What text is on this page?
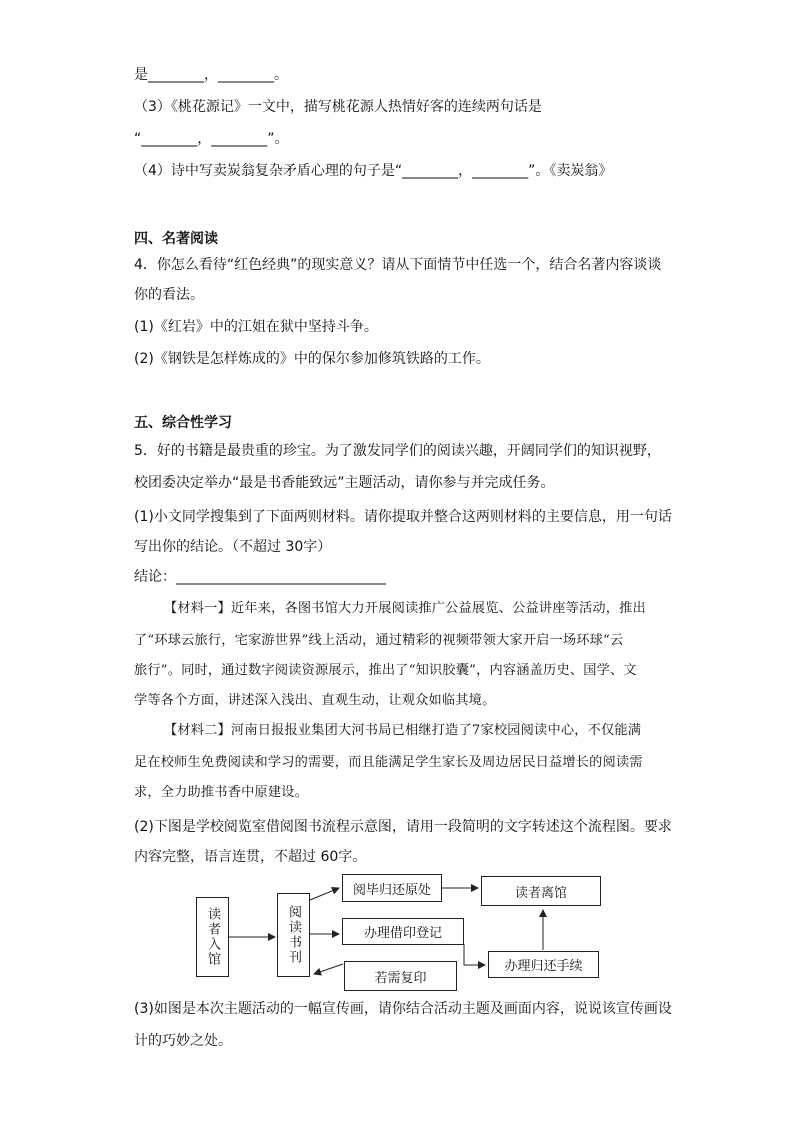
是________，________。
（3）《桃花源记》一文中，描写桃花源人热情好客的连续两句话是
“________，________”。
（4）诗中写卖炭翁复杂矛盾心理的句子是“________，________”。《卖炭翁》
四、名著阅读
4．你怎么看待“红色经典”的现实意义？请从下面情节中任选一个，结合名著内容谈谈
你的看法。
(1)《红岩》中的江姐在狱中坚持斗争。
(2)《钢铁是怎样炼成的》中的保尔参加修筑铁路的工作。
五、综合性学习
5．好的书籍是最贵重的珍宝。为了激发同学们的阅读兴趣，开阔同学们的知识视野，
校团委决定举办“最是书香能致远”主题活动，请你参与并完成任务。
(1)小文同学搜集到了下面两则材料。请你提取并整合这两则材料的主要信息，用一句话
写出你的结论。（不超过 30字）
结论：______________________________
【材料一】近年来，各图书馆大力开展阅读推广公益展览、公益讲座等活动，推出
了“环球云旅行，宅家游世界”线上活动，通过精彩的视频带领大家开启一场环球“云
旅行”。同时，通过数字阅读资源展示，推出了“知识胶囊”，内容涵盖历史、国学、文
学等各个方面，讲述深入浅出、直观生动，让观众如临其境。
【材料二】河南日报报业集团大河书局已相继打造了7家校园阅读中心，不仅能满
足在校师生免费阅读和学习的需要，而且能满足学生家长及周边居民日益增长的阅读需
求，全力助推书香中原建设。
(2)下图是学校阅览室借阅图书流程示意图，请用一段简明的文字转述这个流程图。要求
内容完整，语言连贯，不超过 60字。
读者入馆	阅读书刊
阅毕归还原处	读者离馆
办理借印登记
若需复印
办理归还手续
(3)如图是本次主题活动的一幅宣传画，请你结合活动主题及画面内容，说说该宣传画设
计的巧妙之处。
